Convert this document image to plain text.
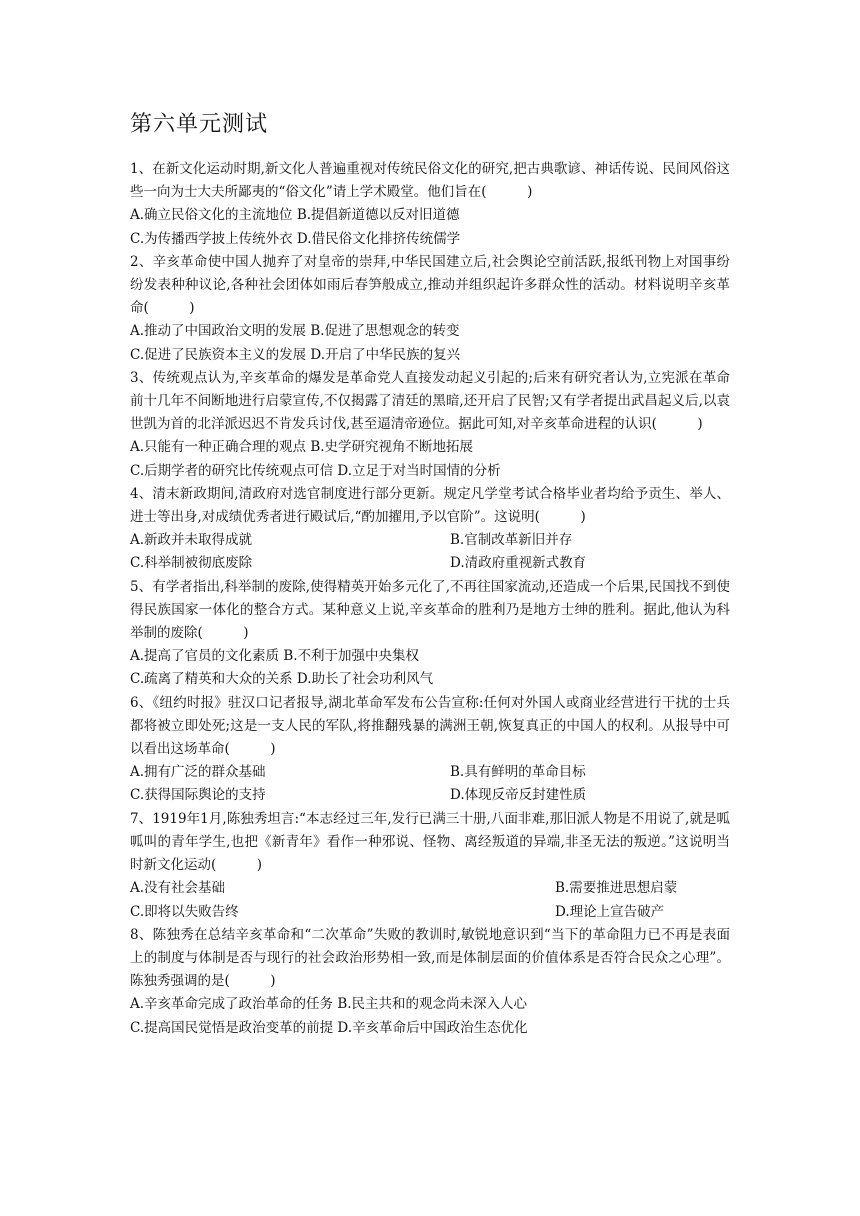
第六单元测试

1、在新文化运动时期,新文化人普遍重视对传统民俗文化的研究,把古典歌谚、神话传说、民间风俗这些一向为士大夫所鄙夷的“俗文化”请上学术殿堂。他们旨在(　　　)

A.确立民俗文化的主流地位 B.提倡新道德以反对旧道德

C.为传播西学披上传统外衣 D.借民俗文化排挤传统儒学

2、辛亥革命使中国人抛弃了对皇帝的崇拜,中华民国建立后,社会舆论空前活跃,报纸刊物上对国事纷纷发表种种议论,各种社会团体如雨后春笋般成立,推动并组织起许多群众性的活动。材料说明辛亥革命(　　　)

A.推动了中国政治文明的发展 B.促进了思想观念的转变

C.促进了民族资本主义的发展 D.开启了中华民族的复兴

3、传统观点认为,辛亥革命的爆发是革命党人直接发动起义引起的;后来有研究者认为,立宪派在革命前十几年不间断地进行启蒙宣传,不仅揭露了清廷的黑暗,还开启了民智;又有学者提出武昌起义后,以袁世凯为首的北洋派迟迟不肯发兵讨伐,甚至逼清帝逊位。据此可知,对辛亥革命进程的认识(　　　)

A.只能有一种正确合理的观点 B.史学研究视角不断地拓展

C.后期学者的研究比传统观点可信 D.立足于对当时国情的分析

4、清末新政期间,清政府对选官制度进行部分更新。规定凡学堂考试合格毕业者均给予贡生、举人、进士等出身,对成绩优秀者进行殿试后,“酌加擢用,予以官阶”。这说明(　　　)

A.新政并未取得成就	B.官制改革新旧并存
C.科举制被彻底废除	D.清政府重视新式教育

5、有学者指出,科举制的废除,使得精英开始多元化了,不再往国家流动,还造成一个后果,民国找不到使得民族国家一体化的整合方式。某种意义上说,辛亥革命的胜利乃是地方士绅的胜利。据此,他认为科举制的废除(　　　)

A.提高了官员的文化素质 B.不利于加强中央集权

C.疏离了精英和大众的关系 D.助长了社会功利风气

6、《纽约时报》驻汉口记者报导,湖北革命军发布公告宣称:任何对外国人或商业经营进行干扰的士兵都将被立即处死;这是一支人民的军队,将推翻残暴的满洲王朝,恢复真正的中国人的权利。从报导中可以看出这场革命(　　　)

A.拥有广泛的群众基础	B.具有鲜明的革命目标
C.获得国际舆论的支持	D.体现反帝反封建性质

7、1919年1月,陈独秀坦言:“本志经过三年,发行已满三十册,八面非难,那旧派人物是不用说了,就是呱呱叫的青年学生,也把《新青年》看作一种邪说、怪物、离经叛道的异端,非圣无法的叛逆。”这说明当时新文化运动(　　　)

A.没有社会基础	B.需要推进思想启蒙
C.即将以失败告终	D.理论上宣告破产

8、陈独秀在总结辛亥革命和“二次革命”失败的教训时,敏锐地意识到“当下的革命阻力已不再是表面上的制度与体制是否与现行的社会政治形势相一致,而是体制层面的价值体系是否符合民众之心理”。陈独秀强调的是(　　　)

A.辛亥革命完成了政治革命的任务 B.民主共和的观念尚未深入人心

C.提高国民觉悟是政治变革的前提 D.辛亥革命后中国政治生态优化
